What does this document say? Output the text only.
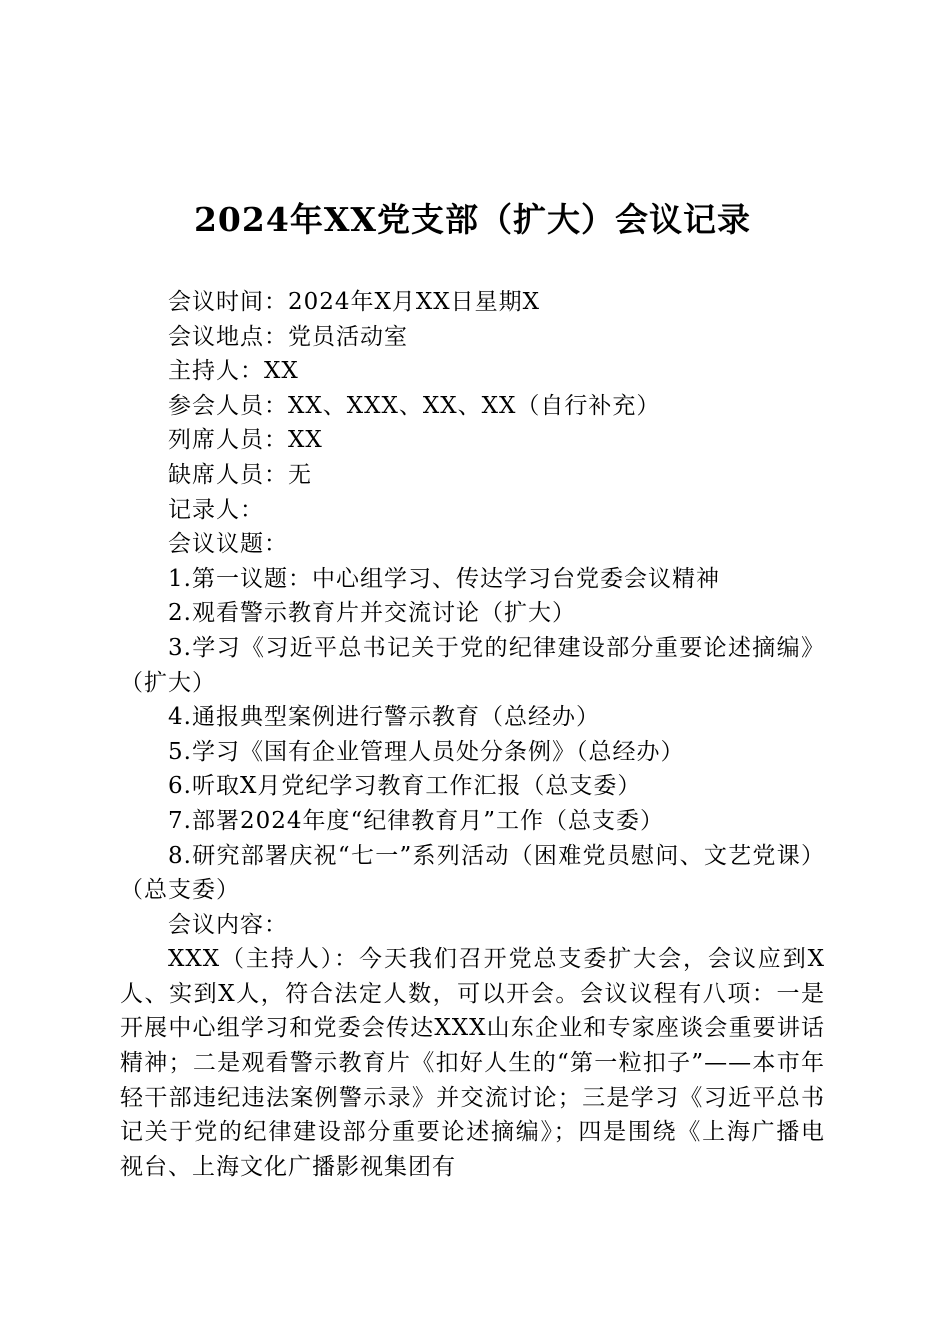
2024年XX党支部（扩大）会议记录

会议时间：2024年X月XX日星期X

会议地点：党员活动室

主持人：XX

参会人员：XX、XXX、XX、XX（自行补充）

列席人员：XX

缺席人员：无

记录人：

会议议题：

1.第一议题：中心组学习、传达学习台党委会议精神

2.观看警示教育片并交流讨论（扩大）

3.学习《习近平总书记关于党的纪律建设部分重要论述摘编》（扩大）

4.通报典型案例进行警示教育（总经办）

5.学习《国有企业管理人员处分条例》（总经办）

6.听取X月党纪学习教育工作汇报（总支委）

7.部署2024年度“纪律教育月”工作（总支委）

8.研究部署庆祝“七一”系列活动（困难党员慰问、文艺党课）（总支委）

会议内容：

XXX（主持人）：今天我们召开党总支委扩大会，会议应到X人、实到X人，符合法定人数，可以开会。会议议程有八项：一是开展中心组学习和党委会传达XXX山东企业和专家座谈会重要讲话精神；二是观看警示教育片《扣好人生的“第一粒扣子”——本市年轻干部违纪违法案例警示录》并交流讨论；三是学习《习近平总书记关于党的纪律建设部分重要论述摘编》；四是围绕《上海广播电视台、上海文化广播影视集团有
